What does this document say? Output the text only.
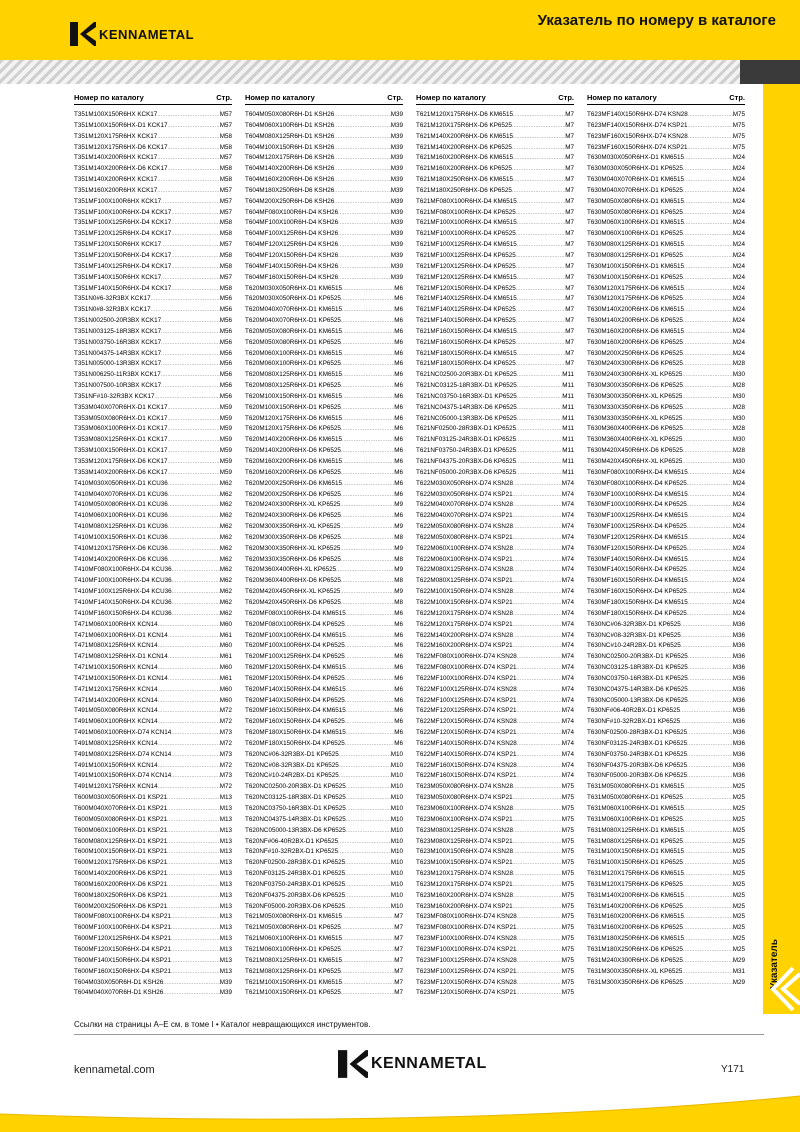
KENNAMETAL
Указатель по номеру в каталоге
Номер по каталогу	Стр.
T351M100X150R6HX KCK17 .....	M57
T351M100X150R6HX-D1 KCK17 .....	M57
T351M120X175R6HX KCK17 .....	M58
T351M120X175R6HX-D6 KCK17 .....	M58
T351M140X200R6HX KCK17 .....	M57
T351M140X200R6HX-D6 KCK17 .....	M58
T351M140X200R6HX KCK17 .....	M58
T351M160X200R6HX KCK17 .....	M57
T351MF100X100R6HX KCK17 .....	M57
T351MF100X100R6HX-D4 KCK17 .....	M57
T351MF100X125R6HX-D4 KCK17 .....	M58
T351MF120X125R6HX-D4 KCK17 .....	M58
T351MF120X150R6HX KCK17 .....	M57
T351MF120X150R6HX-D4 KCK17 .....	M58
T351MF140X125R6HX-D4 KCK17 .....	M58
T351MF140X150R6HX KCK17 .....	M57
T351MF140X150R6HX-D4 KCK17 .....	M58
T351N0#6-32R3BX KCK17 .....	M56
T351N0#8-32R3BX KCK17 .....	M56
T351N002500-20R3BX KCK17 .....	M56
T351N003125-18R3BX KCK17 .....	M56
T351N003750-16R3BX KCK17 .....	M56
T351N004375-14R3BX KCK17 .....	M56
T351N005000-13R3BX KCK17 .....	M56
T351N006250-11R3BX KCK17 .....	M56
T351N007500-10R3BX KCK17 .....	M56
T351NF#10-32R3BX KCK17 .....	M56
T353M040X070R6HX-D1 KCK17 .....	M59
T353M050X080R6HX-D1 KCK17 .....	M59
T353M060X100R6HX-D1 KCK17 .....	M59
T353M080X125R6HX-D1 KCK17 .....	M59
T353M100X150R6HX-D1 KCK17 .....	M59
T353M120X175R6HX-D6 KCK17 .....	M59
T353M140X200R6HX-D6 KCK17 .....	M59
T410M030X050R6HX-D1 KCU36 .....	M62
T410M040X070R6HX-D1 KCU36 .....	M62
T410M050X080R6HX-D1 KCU36 .....	M62
T410M060X100R6HX-D1 KCU36 .....	M62
T410M080X125R6HX-D1 KCU36 .....	M62
T410M100X150R6HX-D1 KCU36 .....	M62
T410M120X175R6HX-D6 KCU36 .....	M62
T410M140X200R6HX-D6 KCU36 .....	M62
T410MF080X100R6HX-D4 KCU36 .....	M62
T410MF100X100R6HX-D4 KCU36 .....	M62
T410MF100X125R6HX-D4 KCU36 .....	M62
T410MF140X150R6HX-D4 KCU36 .....	M62
T410MF160X150R6HX-D4 KCU36 .....	M62
T471M060X100R6HX KCN14 .....	M60
T471M060X100R6HX-D1 KCN14 .....	M61
T471M080X125R6HX KCN14 .....	M60
T471M080X125R6HX-D1 KCN14 .....	M61
T471M100X150R6HX KCN14 .....	M60
T471M100X150R6HX-D1 KCN14 .....	M61
T471M120X175R6HX KCN14 .....	M60
T471M140X200R6HX KCN14 .....	M60
T491M050X080R6HX KCN14 .....	M72
T491M060X100R6HX KCN14 .....	M72
T491M060X100R6HX-D74 KCN14 .....	M73
T491M080X125R6HX KCN14 .....	M72
T491M080X125R6HX-D74 KCN14 .....	M73
T491M100X150R6HX KCN14 .....	M72
T491M100X150R6HX-D74 KCN14 .....	M73
T491M120X175R6HX KCN14 .....	M72
T600M030X050R6HX-D1 KSP21 .....	M13
T600M040X070R6HX-D1 KSP21 .....	M13
T600M050X080R6HX-D1 KSP21 .....	M13
T600M060X100R6HX-D1 KSP21 .....	M13
T600M080X125R6HX-D1 KSP21 .....	M13
T600M100X150R6HX-D1 KSP21 .....	M13
T600M120X175R6HX-D6 KSP21 .....	M13
T600M140X200R6HX-D6 KSP21 .....	M13
T600M160X200R6HX-D6 KSP21 .....	M13
T600M180X250R6HX-D6 KSP21 .....	M13
T600M200X250R6HX-D6 KSP21 .....	M13
T600MF080X100R6HX-D4 KSP21 .....	M13
T600MF100X100R6HX-D4 KSP21 .....	M13
T600MF120X125R6HX-D4 KSP21 .....	M13
T600MF120X150R6HX-D4 KSP21 .....	M13
T600MF140X150R6HX-D4 KSP21 .....	M13
T600MF160X150R6HX-D4 KSP21 .....	M13
T604M030X050R6H-D1 KSH26 .....	M39
T604M040X070R6H-D1 KSH26 .....	M39
Номер по каталогу	Стр.
T604M050X080R6H-D1 KSH26 .....	M39
T604M060X100R6H-D1 KSH26 .....	M39
T604M080X125R6H-D1 KSH26 .....	M39
T604M100X150R6H-D1 KSH26 .....	M39
T604M120X175R6H-D6 KSH26 .....	M39
T604M140X200R6H-D6 KSH26 .....	M39
T604M160X200R6H-D6 KSH26 .....	M39
T604M180X250R6H-D6 KSH26 .....	M39
T604M200X250R6H-D6 KSH26 .....	M39
T604MF080X100R6H-D4 KSH26 .....	M39
T604MF100X100R6H-D4 KSH26 .....	M39
T604MF100X125R6H-D4 KSH26 .....	M39
T604MF120X125R6H-D4 KSH26 .....	M39
T604MF120X150R6H-D4 KSH26 .....	M39
T604MF140X150R6H-D4 KSH26 .....	M39
T604MF160X150R6H-D4 KSH26 .....	M39
T620M030X050R6HX-D1 KM6515 .....	M6
T620M030X050R6HX-D1 KP6525 .....	M6
T620M040X070R6HX-D1 KM6515 .....	M6
T620M040X070R6HX-D1 KP6525 .....	M6
T620M050X080R6HX-D1 KM6515 .....	M6
T620M050X080R6HX-D1 KP6525 .....	M6
T620M060X100R6HX-D1 KM6515 .....	M6
T620M060X100R6HX-D1 KP6525 .....	M6
T620M080X125R6HX-D1 KM6515 .....	M6
T620M080X125R6HX-D1 KP6525 .....	M6
T620M100X150R6HX-D1 KM6515 .....	M6
T620M100X150R6HX-D1 KP6525 .....	M6
T620M120X175R6HX-D6 KM6515 .....	M6
T620M120X175R6HX-D6 KP6525 .....	M6
T620M140X200R6HX-D6 KM6515 .....	M6
T620M140X200R6HX-D6 KP6525 .....	M6
T620M160X200R6HX-D6 KM6515 .....	M6
T620M160X200R6HX-D6 KP6525 .....	M6
T620M200X250R6HX-D6 KM6515 .....	M6
T620M200X250R6HX-D6 KP6525 .....	M6
T620M240X300R6HX-XL KP6525 .....	M9
T620M240X300R6HX-D6 KP6525 .....	M6
T620M300X350R6HX-XL KP6525 .....	M9
T620M300X350R6HX-D6 KP6525 .....	M8
T620M300X350R6HX-XL KP6525 .....	M9
T620M330X350R6HX-D6 KP6525 .....	M8
T620M360X400R6H-XL KP6525 .....	M9
T620M360X400R6HX-D6 KP6525 .....	M8
T620M420X450R6HX-XL KP6525 .....	M9
T620M420X450R6HX-D6 KP6525 .....	M8
T620MF080X100R6HX-D4 KM6515 .....	M6
T620MF080X100R6HX-D4 KP6525 .....	M6
T620MF100X100R6HX-D4 KM6515 .....	M6
T620MF100X100R6HX-D4 KP6525 .....	M6
T620MF100X125R6HX-D4 KP6525 .....	M6
T620MF120X150R6HX-D4 KM6515 .....	M6
T620MF120X150R6HX-D4 KP6525 .....	M6
T620MF140X150R6HX-D4 KM6515 .....	M6
T620MF140X150R6HX-D4 KP6525 .....	M6
T620MF160X150R6HX-D4 KM6515 .....	M6
T620MF160X150R6HX-D4 KP6525 .....	M6
T620MF180X150R6HX-D4 KM6515 .....	M6
T620MF180X150R6HX-D4 KP6525 .....	M6
T620NC#06-32R3BX-D1 KP6525 .....	M10
T620NC#08-32R3BX-D1 KP6525 .....	M10
T620NC#10-24R2BX-D1 KP6525 .....	M10
T620NC02500-20R3BX-D1 KP6525 .....	M10
T620NC03125-18R3BX-D1 KP6525 .....	M10
T620NC03750-16R3BX-D1 KP6525 .....	M10
T620NC04375-14R3BX-D1 KP6525 .....	M10
T620NC05000-13R3BX-D6 KP6525 .....	M10
T620NF#06-40R2BX-D1 KP6525 .....	M10
T620NF#10-32R2BX-D1 KP6525 .....	M10
T620NF02500-28R3BX-D1 KP6525 .....	M10
T620NF03125-24R3BX-D1 KP6525 .....	M10
T620NF03750-24R3BX-D1 KP6525 .....	M10
T620NF04375-20R3BX-D6 KP6525 .....	M10
T620NF05000-20R3BX-D6 KP6525 .....	M10
T621M050X080R6HX-D1 KM6515 .....	M7
T621M050X080R6HX-D1 KP6525 .....	M7
T621M060X100R6HX-D1 KM6515 .....	M7
T621M060X100R6HX-D1 KP6525 .....	M7
T621M080X125R6HX-D1 KM6515 .....	M7
T621M080X125R6HX-D1 KP6525 .....	M7
T621M100X150R6HX-D1 KM6515 .....	M7
T621M100X150R6HX-D1 KP6525 .....	M7
Номер по каталогу	Стр.
T621M120X175R6HX-D6 KM6515 .....	M7
T621M120X175R6HX-D6 KP6525 .....	M7
T621M140X200R6HX-D6 KM6515 .....	M7
T621M140X200R6HX-D6 KP6525 .....	M7
T621M160X200R6HX-D6 KM6515 .....	M7
T621M160X200R6HX-D6 KP6525 .....	M7
T621M180X250R6HX-D6 KM6515 .....	M7
T621M180X250R6HX-D6 KP6525 .....	M7
T621MF080X100R6HX-D4 KM6515 .....	M7
T621MF080X100R6HX-D4 KP6525 .....	M7
T621MF100X100R6HX-D4 KM6515 .....	M7
T621MF100X100R6HX-D4 KP6525 .....	M7
T621MF100X125R6HX-D4 KM6515 .....	M7
T621MF100X125R6HX-D4 KP6525 .....	M7
T621MF120X125R6HX-D4 KP6525 .....	M7
T621MF120X125R6HX-D4 KM6515 .....	M7
T621MF120X150R6HX-D4 KP6525 .....	M7
T621MF140X125R6HX-D4 KM6515 .....	M7
T621MF140X125R6HX-D4 KP6525 .....	M7
T621MF140X150R6HX-D4 KP6525 .....	M7
T621MF160X150R6HX-D4 KM6515 .....	M7
T621MF160X150R6HX-D4 KP6525 .....	M7
T621MF180X150R6HX-D4 KM6515 .....	M7
T621MF180X150R6HX-D4 KP6525 .....	M7
T621NC02500-20R3BX-D1 KP6525 .....	M11
T621NC03125-18R3BX-D1 KP6525 .....	M11
T621NC03750-16R3BX-D1 KP6525 .....	M11
T621NC04375-14R3BX-D6 KP6525 .....	M11
T621NC05000-13R3BX-D6 KP6525 .....	M11
T621NF02500-28R3BX-D1 KP6525 .....	M11
T621NF03125-24R3BX-D1 KP6525 .....	M11
T621NF03750-24R3BX-D1 KP6525 .....	M11
T621NF04375-20R3BX-D6 KP6525 .....	M11
T621NF05000-20R3BX-D6 KP6525 .....	M11
T622M030X050R6HX-D74 KSN28 .....	M74
T622M030X050R6HX-D74 KSP21 .....	M74
T622M040X070R6HX-D74 KSN28 .....	M74
T622M040X070R6HX-D74 KSP21 .....	M74
T622M050X080R6HX-D74 KSN28 .....	M74
T622M050X080R6HX-D74 KSP21 .....	M74
T622M060X100R6HX-D74 KSN28 .....	M74
T622M060X100R6HX-D74 KSP21 .....	M74
T622M080X125R6HX-D74 KSN28 .....	M74
T622M080X125R6HX-D74 KSP21 .....	M74
T622M100X150R6HX-D74 KSN28 .....	M74
T622M100X150R6HX-D74 KSP21 .....	M74
T622M120X175R6HX-D74 KSN28 .....	M74
T622M120X175R6HX-D74 KSP21 .....	M74
T622M140X200R6HX-D74 KSN28 .....	M74
T622M160X200R6HX-D74 KSP21 .....	M74
T622MF080X100R6HX-D74 KSN28 .....	M74
T622MF080X100R6HX-D74 KSP21 .....	M74
T622MF100X100R6HX-D74 KSP21 .....	M74
T622MF100X125R6HX-D74 KSN28 .....	M74
T622MF100X125R6HX-D74 KSP21 .....	M74
T622MF120X125R6HX-D74 KSP21 .....	M74
T622MF120X150R6HX-D74 KSN28 .....	M74
T622MF120X150R6HX-D74 KSP21 .....	M74
T622MF140X150R6HX-D74 KSN28 .....	M74
T622MF140X150R6HX-D74 KSP21 .....	M74
T622MF160X150R6HX-D74 KSN28 .....	M74
T622MF160X150R6HX-D74 KSP21 .....	M74
T623M050X080R6HX-D74 KSN28 .....	M75
T623M050X080R6HX-D74 KSP21 .....	M75
T623M060X100R6HX-D74 KSN28 .....	M75
T623M060X100R6HX-D74 KSP21 .....	M75
T623M080X125R6HX-D74 KSN28 .....	M75
T623M080X125R6HX-D74 KSP21 .....	M75
T623M100X150R6HX-D74 KSN28 .....	M75
T623M100X150R6HX-D74 KSP21 .....	M75
T623M120X175R6HX-D74 KSN28 .....	M75
T623M120X175R6HX-D74 KSP21 .....	M75
T623M160X200R6HX-D74 KSN28 .....	M75
T623M160X200R6HX-D74 KSP21 .....	M75
T623MF080X100R6HX-D74 KSN28 .....	M75
T623MF080X100R6HX-D74 KSP21 .....	M75
T623MF100X100R6HX-D74 KSN28 .....	M75
T623MF100X100R6HX-D74 KSP21 .....	M75
T623MF100X125R6HX-D74 KSN28 .....	M75
T623MF100X125R6HX-D74 KSP21 .....	M75
T623MF120X150R6HX-D74 KSN28 .....	M75
T623MF120X150R6HX-D74 KSP21 .....	M75
Номер по каталогу	Стр.
T623MF140X150R6HX-D74 KSN28 .....	M75
T623MF140X150R6HX-D74 KSP21 .....	M75
T623MF160X150R6HX-D74 KSN28 .....	M75
T623MF160X150R6HX-D74 KSP21 .....	M75
T630M030X050R6HX-D1 KM6515 .....	M24
T630M030X050R6HX-D1 KP6525 .....	M24
T630M040X070R6HX-D1 KM6515 .....	M24
T630M040X070R6HX-D1 KP6525 .....	M24
T630M050X080R6HX-D1 KM6515 .....	M24
T630M050X080R6HX-D1 KP6525 .....	M24
T630M060X100R6HX-D1 KM6515 .....	M24
T630M060X100R6HX-D1 KP6525 .....	M24
T630M080X125R6HX-D1 KM6515 .....	M24
T630M080X125R6HX-D1 KP6525 .....	M24
T630M100X150R6HX-D1 KM6515 .....	M24
T630M100X150R6HX-D1 KP6525 .....	M24
T630M120X175R6HX-D6 KM6515 .....	M24
T630M120X175R6HX-D6 KP6525 .....	M24
T630M140X200R6HX-D6 KM6515 .....	M24
T630M140X200R6HX-D6 KP6525 .....	M24
T630M160X200R6HX-D6 KM6515 .....	M24
T630M160X200R6HX-D6 KP6525 .....	M24
T630M200X250R6HX-D6 KP6525 .....	M24
T630M240X300R6HX-D6 KP6525 .....	M28
T630M240X300R6HX-XL KP6525 .....	M30
T630M300X350R6HX-D6 KP6525 .....	M28
T630M300X350R6HX-XL KP6525 .....	M30
T630M330X350R6HX-D6 KP6525 .....	M28
T630M330X350R6HX-XL KP6525 .....	M30
T630M360X400R6HX-D6 KP6525 .....	M28
T630M360X400R6HX-XL KP6525 .....	M30
T630M420X450R6HX-D6 KP6525 .....	M28
T630M420X450R6HX-XL KP6525 .....	M30
T630MF080X100R6HX-D4 KM6515 .....	M24
T630MF080X100R6HX-D4 KP6525 .....	M24
T630MF100X100R6HX-D4 KM6515 .....	M24
T630MF100X100R6HX-D4 KP6525 .....	M24
T630MF100X125R6HX-D4 KM6515 .....	M24
T630MF100X125R6HX-D4 KP6525 .....	M24
T630MF120X125R6HX-D4 KM6515 .....	M24
T630MF120X150R6HX-D4 KP6525 .....	M24
T630MF140X150R6HX-D4 KM6515 .....	M24
T630MF140X150R6HX-D4 KP6525 .....	M24
T630MF160X150R6HX-D4 KM6515 .....	M24
T630MF160X150R6HX-D4 KP6525 .....	M24
T630MF180X150R6HX-D4 KM6515 .....	M24
T630MF180X150R6HX-D4 KP6525 .....	M24
T630NC#06-32R3BX-D1 KP6525 .....	M36
T630NC#08-32R3BX-D1 KP6525 .....	M36
T630NC#10-24R2BX-D1 KP6525 .....	M36
T630NC02500-20R3BX-D1 KP6525 .....	M36
T630NC03125-18R3BX-D1 KP6525 .....	M36
T630NC03750-16R3BX-D1 KP6525 .....	M36
T630NC04375-14R3BX-D6 KP6525 .....	M36
T630NC05000-13R3BX-D6 KP6525 .....	M36
T630NF#06-40R2BX-D1 KP6525 .....	M36
T630NF#10-32R2BX-D1 KP6525 .....	M36
T630NF02500-28R3BX-D1 KP6525 .....	M36
T630NF03125-24R3BX-D1 KP6525 .....	M36
T630NF03750-24R3BX-D1 KP6525 .....	M36
T630NF04375-20R3BX-D6 KP6525 .....	M36
T630NF05000-20R3BX-D6 KP6525 .....	M36
T631M050X080R6HX-D1 KM6515 .....	M25
T631M050X080R6HX-D1 KP6525 .....	M25
T631M060X100R6HX-D1 KM6515 .....	M25
T631M060X100R6HX-D1 KP6525 .....	M25
T631M080X125R6HX-D1 KM6515 .....	M25
T631M080X125R6HX-D1 KP6525 .....	M25
T631M100X150R6HX-D1 KM6515 .....	M25
T631M100X150R6HX-D1 KP6525 .....	M25
T631M120X175R6HX-D6 KM6515 .....	M25
T631M120X175R6HX-D6 KP6525 .....	M25
T631M140X200R6HX-D6 KM6515 .....	M25
T631M140X200R6HX-D6 KP6525 .....	M25
T631M160X200R6HX-D6 KM6515 .....	M25
T631M160X200R6HX-D6 KP6525 .....	M25
T631M180X250R6HX-D6 KM6515 .....	M25
T631M180X250R6HX-D6 KP6525 .....	M25
T631M240X300R6HX-D6 KP6525 .....	M29
T631M300X350R6HX-XL KP6525 .....	M31
T631M300X350R6HX-D6 KP6525 .....	M29 Указатель
Ссылки на страницы A–E см. в томе I • Каталог невращающихся инструментов.
KENNAMETAL
kennametal.com	Y171
